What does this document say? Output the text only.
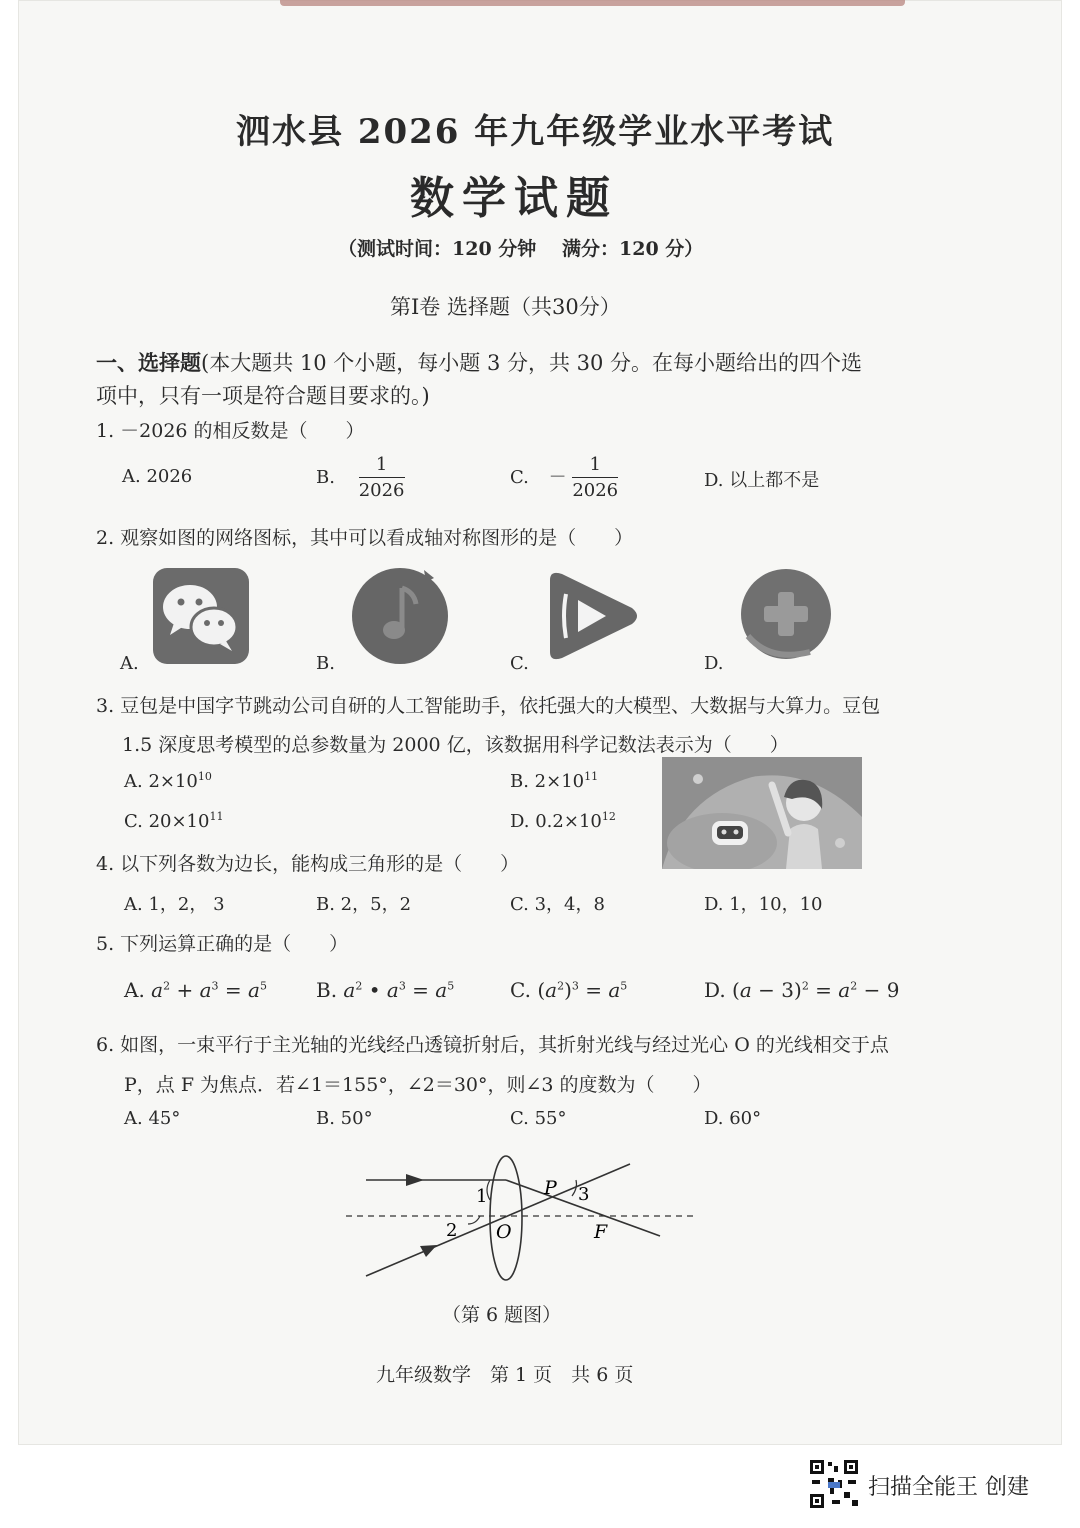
泗水县 2026 年九年级学业水平考试
数学试题
（测试时间：120 分钟 满分：120 分）
第Ⅰ卷 选择题（共30分）
一、选择题(本大题共 10 个小题，每小题 3 分，共 30 分。在每小题给出的四个选
项中，只有一项是符合题目要求的。)
1. －2026 的相反数是（　　）
A. 2026	B. $\frac{1}{2026}$	C. － $\frac{1}{2026}$	D. 以上都不是
2. 观察如图的网络图标，其中可以看成轴对称图形的是（　　）
A.	B.	C.	D.
3. 豆包是中国字节跳动公司自研的人工智能助手，依托强大的大模型、大数据与大算力。豆包
1.5 深度思考模型的总参数量为 2000 亿，该数据用科学记数法表示为（　　）
A. $2\times 10^{10}$	B. $2\times 10^{11}$
C. $20\times 10^{11}$	D. $0.2\times 10^{12}$
4. 以下列各数为边长，能构成三角形的是（　　）
A. 1，2， 3	B. 2，5，2	C. 3，4，8	D. 1，10，10
5. 下列运算正确的是（　　）
A. $a^2 + a^3 = a^5$ B. $a^2$ • $a^3 = a^5$	C. $(a^2)^3 = a^5$	D. $(a - 3)^2 = a^2 - 9$
6. 如图，一束平行于主光轴的光线经凸透镜折射后，其折射光线与经过光心 O 的光线相交于点
P，点 F 为焦点．若∠1＝155°，∠2＝30°，则∠3 的度数为（　　）
A. 45°	B. 50°	C. 55°	D. 60°
1
2
3
P
O	F
（第 6 题图）
九年级数学　第 1 页　共 6 页
扫描全能王 创建
